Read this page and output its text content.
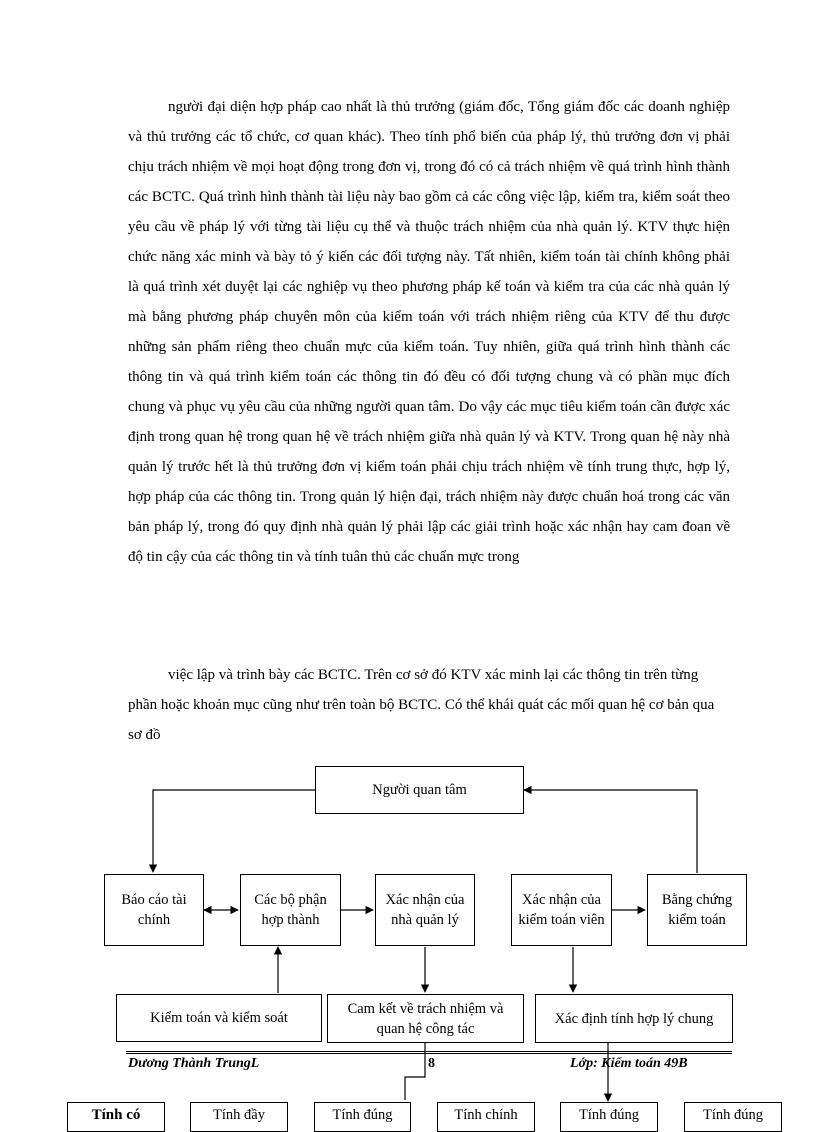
người đại diện hợp pháp cao nhất là thủ trưởng (giám đốc, Tổng giám đốc các doanh nghiệp và thủ trưởng các tổ chức, cơ quan khác). Theo tính phổ biến của pháp lý, thủ trưởng đơn vị phải chịu trách nhiệm về mọi hoạt động trong đơn vị, trong đó có cả trách nhiệm về quá trình hình thành các BCTC. Quá trình hình thành tài liệu này bao gồm cả các công việc lập, kiểm tra, kiểm soát theo yêu cầu về pháp lý với từng tài liệu cụ thể và thuộc trách nhiệm của nhà quản lý. KTV thực hiện chức năng xác minh và bày tỏ ý kiến các đối tượng này. Tất nhiên, kiểm toán tài chính không phải là quá trình xét duyệt lại các nghiệp vụ theo phương pháp kế toán và kiểm tra của các nhà quản lý mà bằng phương pháp chuyên môn của kiểm toán với trách nhiệm riêng của KTV để thu được những sản phẩm riêng theo chuẩn mực của kiểm toán. Tuy nhiên, giữa quá trình hình thành các thông tin và quá trình kiểm toán các thông tin đó đều có đối tượng chung và có phần mục đích chung và phục vụ yêu cầu của những người quan tâm. Do vậy các mục tiêu kiểm toán cần được xác định trong quan hệ trong quan hệ về trách nhiệm giữa nhà quản lý và KTV. Trong quan hệ này nhà quản lý trước hết là thủ trưởng đơn vị kiểm toán phải chịu trách nhiệm về tính trung thực, hợp lý, hợp pháp của các thông tin. Trong quản lý hiện đại, trách nhiệm này được chuẩn hoá trong các văn bản pháp lý, trong đó quy định nhà quản lý phải lập các giải trình hoặc xác nhận hay cam đoan về độ tin cậy của các thông tin và tính tuân thủ các chuẩn mực trong

việc lập và trình bày các BCTC. Trên cơ sở đó KTV xác minh lại các thông tin trên từng phần hoặc khoản mục cũng như trên toàn bộ BCTC. Có thể khái quát các mối quan hệ cơ bản qua sơ đồ

Người quan tâm
Báo cáo tài chính
Các bộ phận hợp thành
Xác nhận của nhà quản lý
Xác nhận của kiểm toán viên
Bằng chứng kiểm toán
Kiểm toán và kiểm soát
Cam kết về trách nhiệm và quan hệ công tác
Xác định tính hợp lý chung
Dương Thành TrungL	8	Lớp: Kiểm toán 49B
Tính có	Tính đầy	Tính đúng	Tính chính	Tính đúng	Tính đúng
